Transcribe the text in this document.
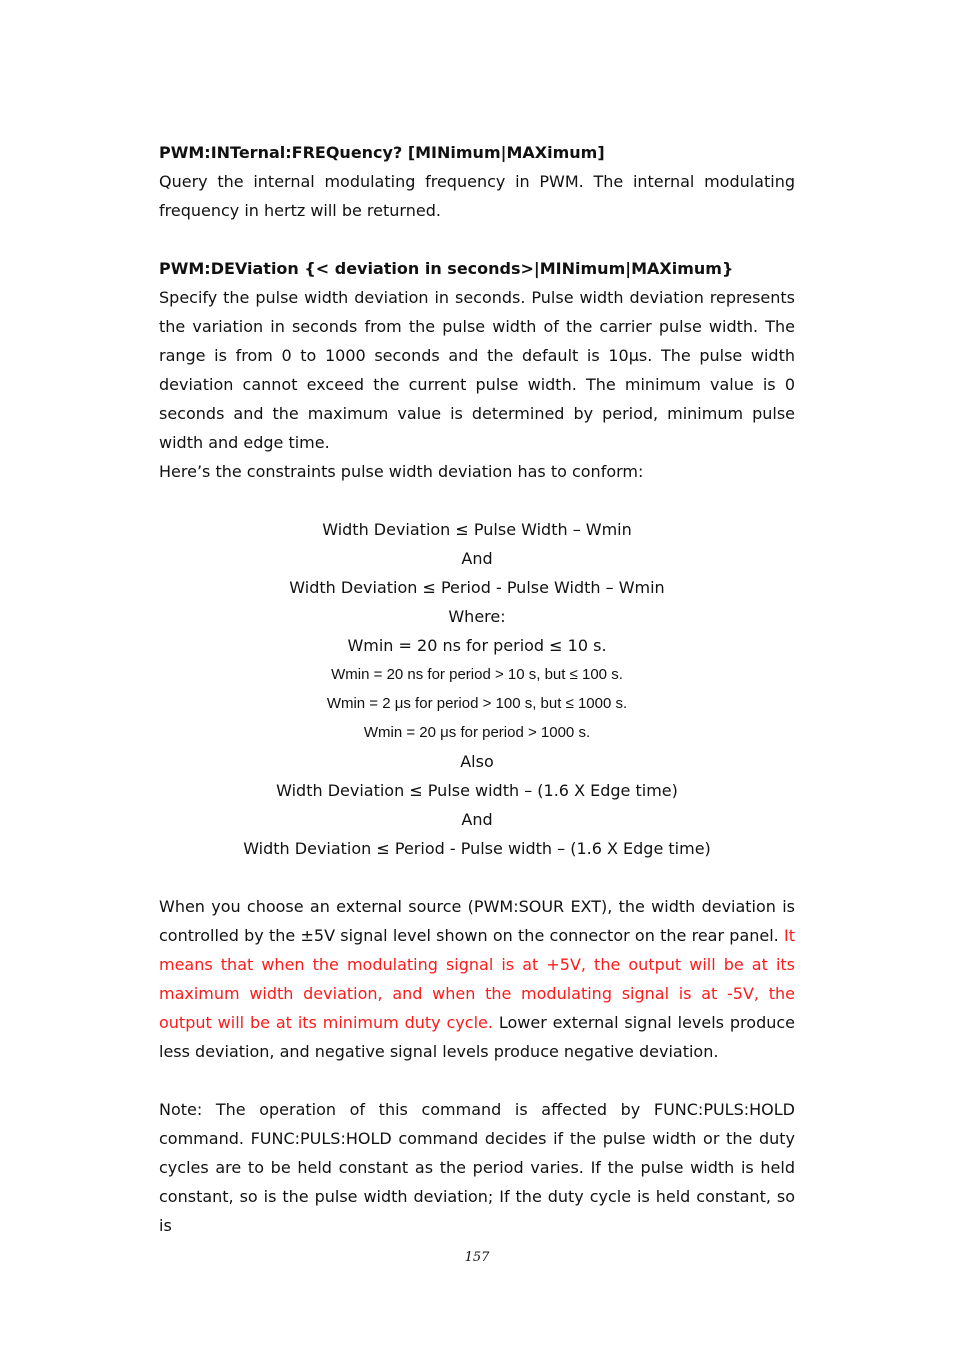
PWM:INTernal:FREQuency? [MINimum|MAXimum]

Query the internal modulating frequency in PWM. The internal modulating frequency in hertz will be returned.

PWM:DEViation {< deviation in seconds>|MINimum|MAXimum}

Specify the pulse width deviation in seconds. Pulse width deviation represents the variation in seconds from the pulse width of the carrier pulse width. The range is from 0 to 1000 seconds and the default is 10μs. The pulse width deviation cannot exceed the current pulse width. The minimum value is 0 seconds and the maximum value is determined by period, minimum pulse width and edge time.

Here’s the constraints pulse width deviation has to conform:

Width Deviation ≤ Pulse Width – Wmin

And

Width Deviation ≤ Period - Pulse Width – Wmin

Where:

Wmin = 20 ns for period ≤ 10 s.

Wmin = 20 ns for period > 10 s, but ≤ 100 s.

Wmin = 2 μs for period > 100 s, but ≤ 1000 s.

Wmin = 20 μs for period > 1000 s.

Also

Width Deviation ≤ Pulse width – (1.6 X Edge time)

And

Width Deviation ≤ Period - Pulse width – (1.6 X Edge time)

When you choose an external source (PWM:SOUR EXT), the width deviation is controlled by the ±5V signal level shown on the connector on the rear panel. It means that when the modulating signal is at +5V, the output will be at its maximum width deviation, and when the modulating signal is at -5V, the output will be at its minimum duty cycle. Lower external signal levels produce less deviation, and negative signal levels produce negative deviation.

Note: The operation of this command is affected by FUNC:PULS:HOLD command. FUNC:PULS:HOLD command decides if the pulse width or the duty cycles are to be held constant as the period varies. If the pulse width is held constant, so is the pulse width deviation; If the duty cycle is held constant, so is

157
